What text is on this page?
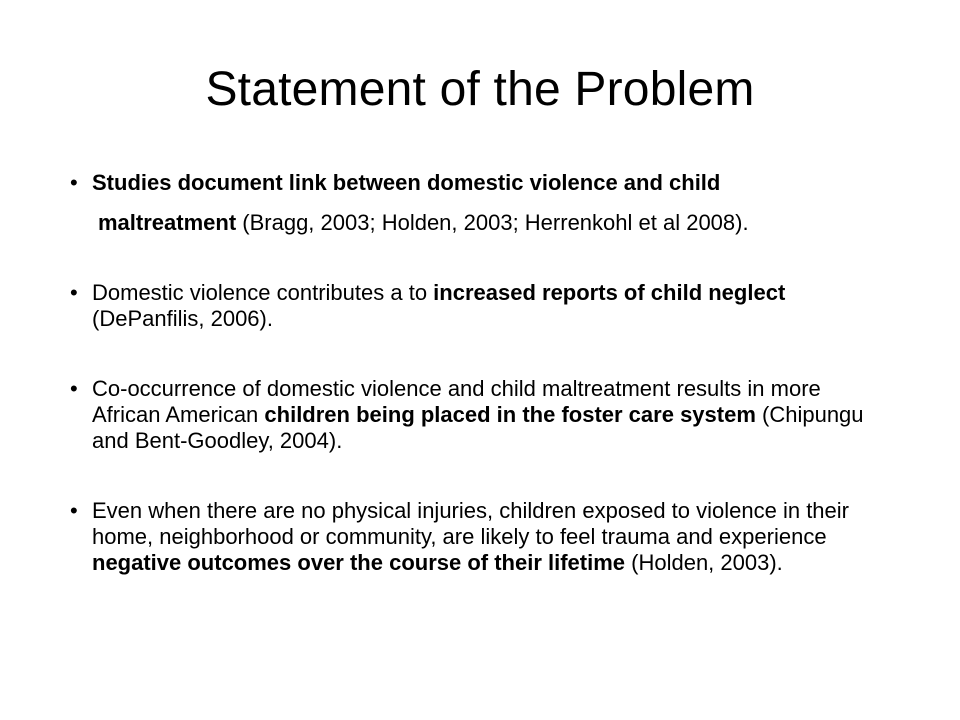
Statement of the Problem
• Studies document link between domestic violence and child
maltreatment (Bragg, 2003; Holden, 2003; Herrenkohl et al 2008).
• Domestic violence contributes a to increased reports of child neglect (DePanfilis, 2006).
• Co-occurrence of domestic violence and child maltreatment results in more African American children being placed in the foster care system (Chipungu and Bent-Goodley, 2004).
• Even when there are no physical injuries, children exposed to violence in their home, neighborhood or community, are likely to feel trauma and experience negative outcomes over the course of their lifetime (Holden, 2003).
